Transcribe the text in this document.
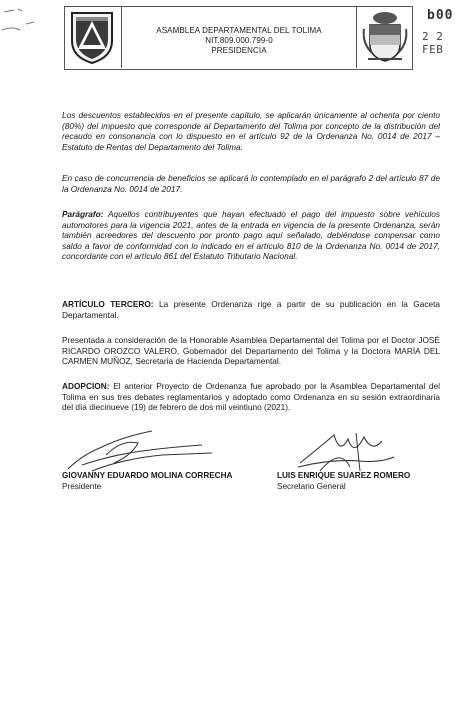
ASAMBLEA DEPARTAMENTAL DEL TOLIMA
NIT.809.000.799-0
PRESIDENCIA
b00
2 2 FEB
Los descuentos establecidos en el presente capítulo, se aplicarán únicamente al ochenta por ciento (80%) del impuesto que corresponde al Departamento del Tolima por concepto de la distribución del recaudo en consonancia con lo dispuesto en el artículo 92 de la Ordenanza No. 0014 de 2017 – Estatuto de Rentas del Departamento del Tolima.
En caso de concurrencia de beneficios se aplicará lo contemplado en el parágrafo 2 del artículo 87 de la Ordenanza No. 0014 de 2017.
Parágrafo: Aquellos contribuyentes que hayan efectuado el pago del impuesto sobre vehículos automotores para la vigencia 2021, antes de la entrada en vigencia de la presente Ordenanza, serán también acreedores del descuento por pronto pago aquí señalado, debiéndose compensar como saldo a favor de conformidad con lo indicado en el artículo 810 de la Ordenanza No. 0014 de 2017, concordante con el artículo 861 del Estatuto Tributario Nacional.
ARTÍCULO TERCERO: La presente Ordenanza rige a partir de su publicación en la Gaceta Departamental.
Presentada a consideración de la Honorable Asamblea Departamental del Tolima por el Doctor JOSÉ RICARDO OROZCO VALERO, Gobernador del Departamento del Tolima y la Doctora MARÍA DEL CARMEN MUÑOZ, Secretaria de Hacienda Departamental.
ADOPCION: El anterior Proyecto de Ordenanza fue aprobado por la Asamblea Departamental del Tolima en sus tres debates reglamentarios y adoptado como Ordenanza en su sesión extraordinaria del día diecinueve (19) de febrero de dos mil veintiuno (2021).
GIOVANNY EDUARDO MOLINA CORRECHA
Presidente
LUIS ENRIQUE SUAREZ ROMERO
Secretario General
